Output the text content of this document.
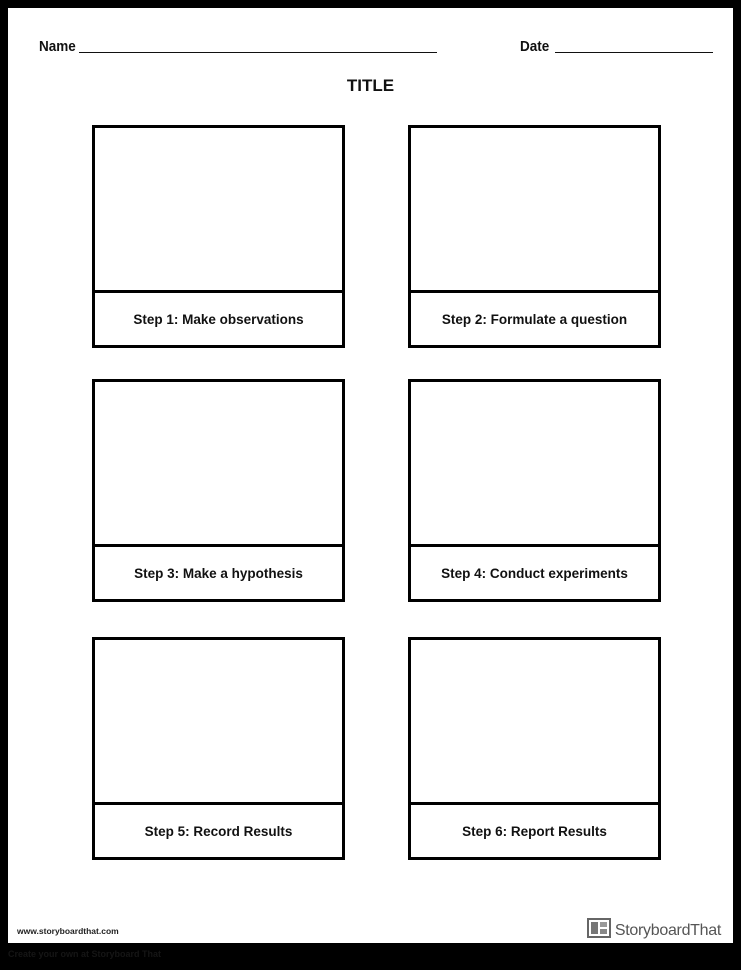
Name	Date
TITLE
Step 1: Make observations	Step 2: Formulate a question
Step 3: Make a hypothesis	Step 4: Conduct experiments
Step 5: Record Results	Step 6: Report Results
www.storyboardthat.com	StoryboardThat
Create your own at Storyboard That
